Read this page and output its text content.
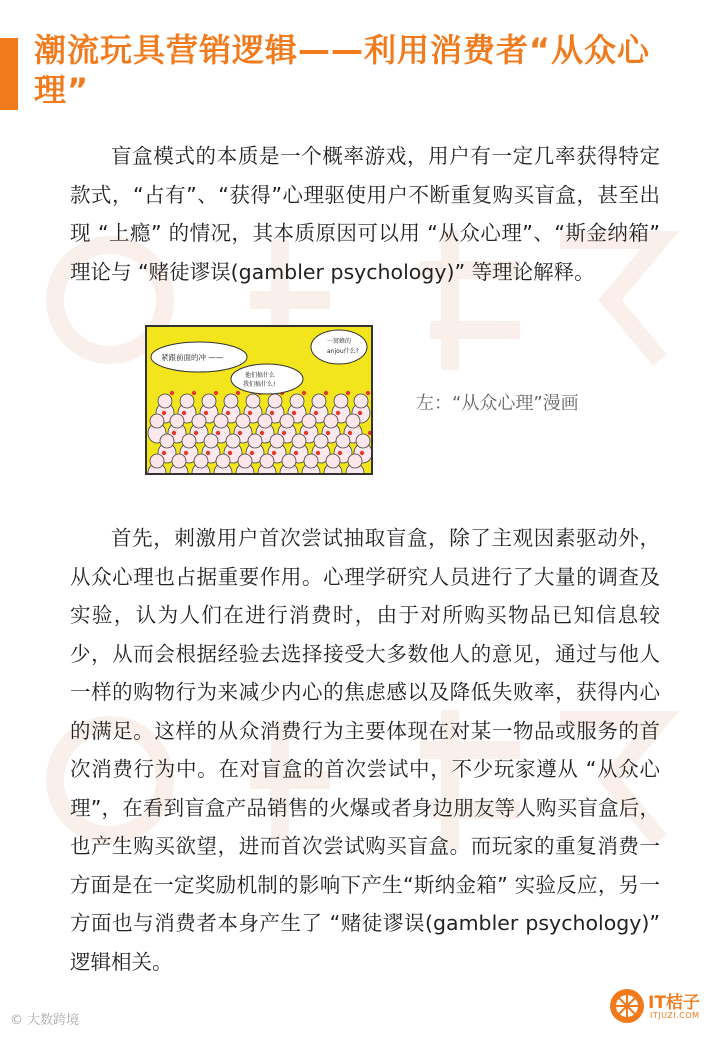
潮流玩具营销逻辑——利用消费者“从众心理”

盲盒模式的本质是一个概率游戏，用户有一定几率获得特定款式，“占有”、“获得”心理驱使用户不断重复购买盲盒，甚至出现 “上瘾” 的情况，其本质原因可以用 “从众心理”、“斯金纳箱” 理论与 “赌徒谬误(gambler psychology)” 等理论解释。

紧跟前面的冲 ——
一窝蜂的
anjou什么?
他们搞什么
我们搞什么!
左：“从众心理”漫画

首先，刺激用户首次尝试抽取盲盒，除了主观因素驱动外，从众心理也占据重要作用。心理学研究人员进行了大量的调查及实验，认为人们在进行消费时，由于对所购买物品已知信息较少，从而会根据经验去选择接受大多数他人的意见，通过与他人一样的购物行为来减少内心的焦虑感以及降低失败率，获得内心的满足。这样的从众消费行为主要体现在对某一物品或服务的首次消费行为中。在对盲盒的首次尝试中，不少玩家遵从 “从众心理”，在看到盲盒产品销售的火爆或者身边朋友等人购买盲盒后，也产生购买欲望，进而首次尝试购买盲盒。而玩家的重复消费一方面是在一定奖励机制的影响下产生“斯纳金箱” 实验反应，另一方面也与消费者本身产生了 “赌徒谬误(gambler psychology)” 逻辑相关。

© 大数跨境
IT桔子
ITJUZI.COM
